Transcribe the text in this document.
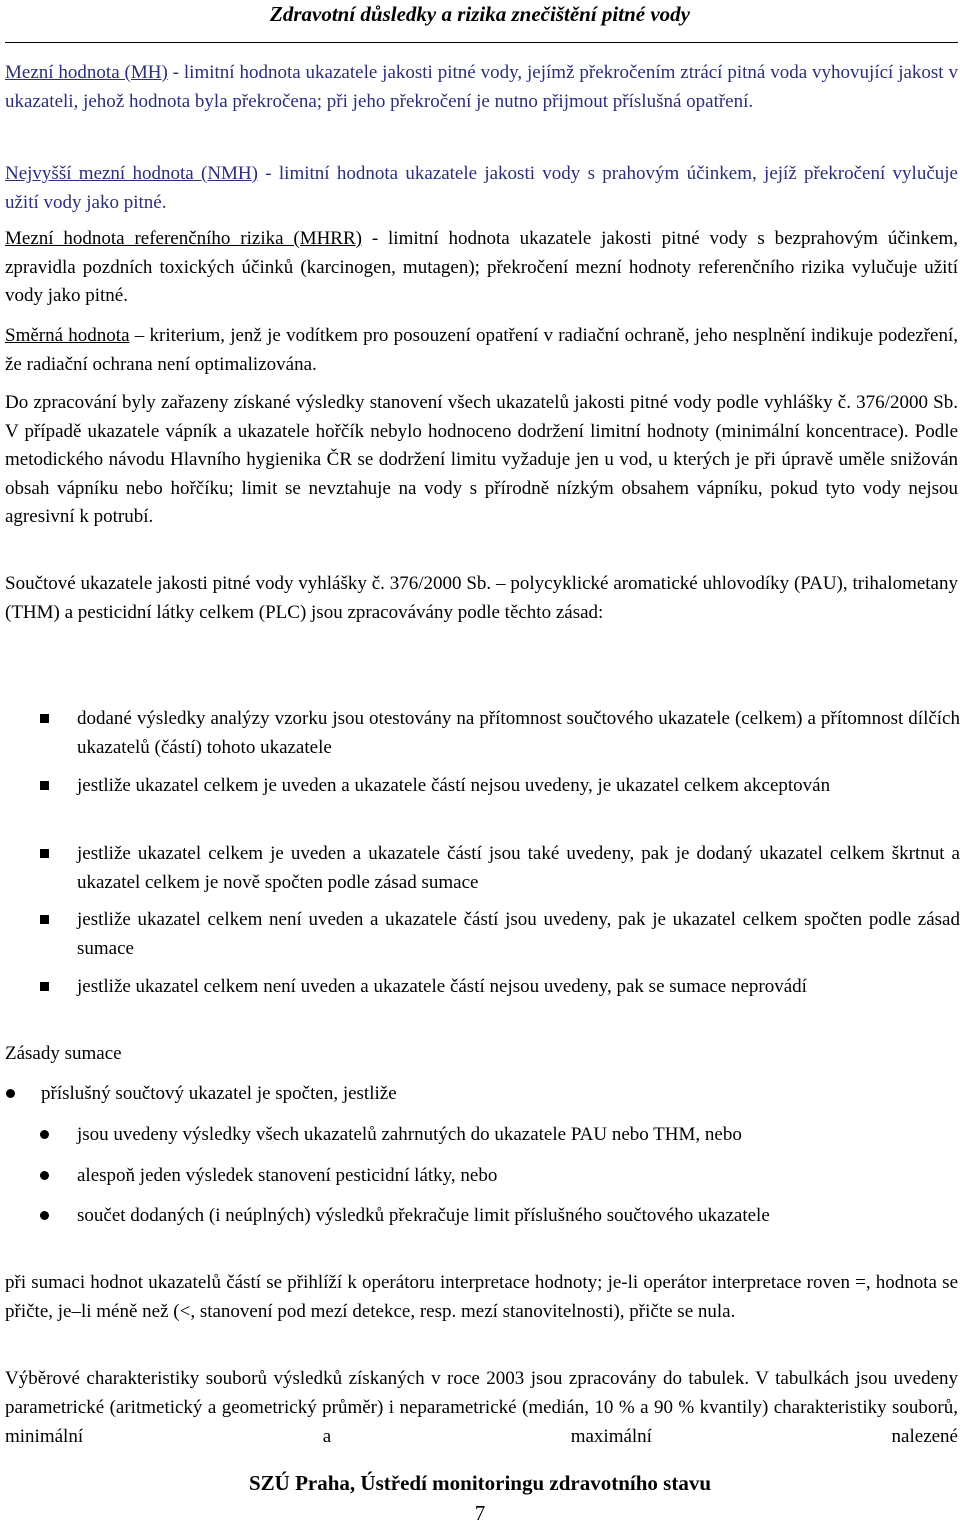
Zdravotní důsledky a rizika znečištění pitné vody
Mezní hodnota (MH) - limitní hodnota ukazatele jakosti pitné vody, jejímž překročením ztrácí pitná voda vyhovující jakost v ukazateli, jehož hodnota byla překročena; při jeho překročení je nutno přijmout příslušná opatření.
Nejvyšší mezní hodnota (NMH) - limitní hodnota ukazatele jakosti vody s prahovým účinkem, jejíž překročení vylučuje užití vody jako pitné.
Mezní hodnota referenčního rizika (MHRR) - limitní hodnota ukazatele jakosti pitné vody s bezprahovým účinkem, zpravidla pozdních toxických účinků (karcinogen, mutagen); překročení mezní hodnoty referenčního rizika vylučuje užití vody jako pitné.
Směrná hodnota – kriterium, jenž je vodítkem pro posouzení opatření v radiační ochraně, jeho nesplnění indikuje podezření, že radiační ochrana není optimalizována.
Do zpracování byly zařazeny získané výsledky stanovení všech ukazatelů jakosti pitné vody podle vyhlášky č. 376/2000 Sb. V případě ukazatele vápník a ukazatele hořčík nebylo hodnoceno dodržení limitní hodnoty (minimální koncentrace). Podle metodického návodu Hlavního hygienika ČR se dodržení limitu vyžaduje jen u vod, u kterých je při úpravě uměle snižován obsah vápníku nebo hořčíku; limit se nevztahuje na vody s přírodně nízkým obsahem vápníku, pokud tyto vody nejsou agresivní k potrubí.
Součtové ukazatele jakosti pitné vody vyhlášky č. 376/2000 Sb. – polycyklické aromatické uhlovodíky (PAU), trihalometany (THM) a pesticidní látky celkem (PLC) jsou zpracovávány podle těchto zásad:
dodané výsledky analýzy vzorku jsou otestovány na přítomnost součtového ukazatele (celkem) a přítomnost dílčích ukazatelů (částí) tohoto ukazatele
jestliže ukazatel celkem je uveden a ukazatele částí nejsou uvedeny, je ukazatel celkem akceptován
jestliže ukazatel celkem je uveden a ukazatele částí jsou také uvedeny, pak je dodaný ukazatel celkem škrtnut a ukazatel celkem je nově spočten podle zásad sumace
jestliže ukazatel celkem není uveden a ukazatele částí jsou uvedeny, pak je ukazatel celkem spočten podle zásad sumace
jestliže ukazatel celkem není uveden a ukazatele částí nejsou uvedeny, pak se sumace neprovádí
Zásady sumace
příslušný součtový ukazatel je spočten, jestliže
jsou uvedeny výsledky všech ukazatelů zahrnutých do ukazatele PAU nebo THM, nebo
alespoň jeden výsledek stanovení pesticidní látky, nebo
součet dodaných (i neúplných) výsledků překračuje limit příslušného součtového ukazatele
při sumaci hodnot ukazatelů částí se přihlíží k operátoru interpretace hodnoty; je-li operátor interpretace roven =, hodnota se přičte, je–li méně než (<, stanovení pod mezí detekce, resp. mezí stanovitelnosti), přičte se nula.
Výběrové charakteristiky souborů výsledků získaných v roce 2003 jsou zpracovány do tabulek. V tabulkách jsou uvedeny parametrické (aritmetický a geometrický průměr) i neparametrické (medián, 10 % a 90 % kvantily) charakteristiky souborů, minimální a maximální nalezené
SZÚ Praha, Ústředí monitoringu zdravotního stavu
7
